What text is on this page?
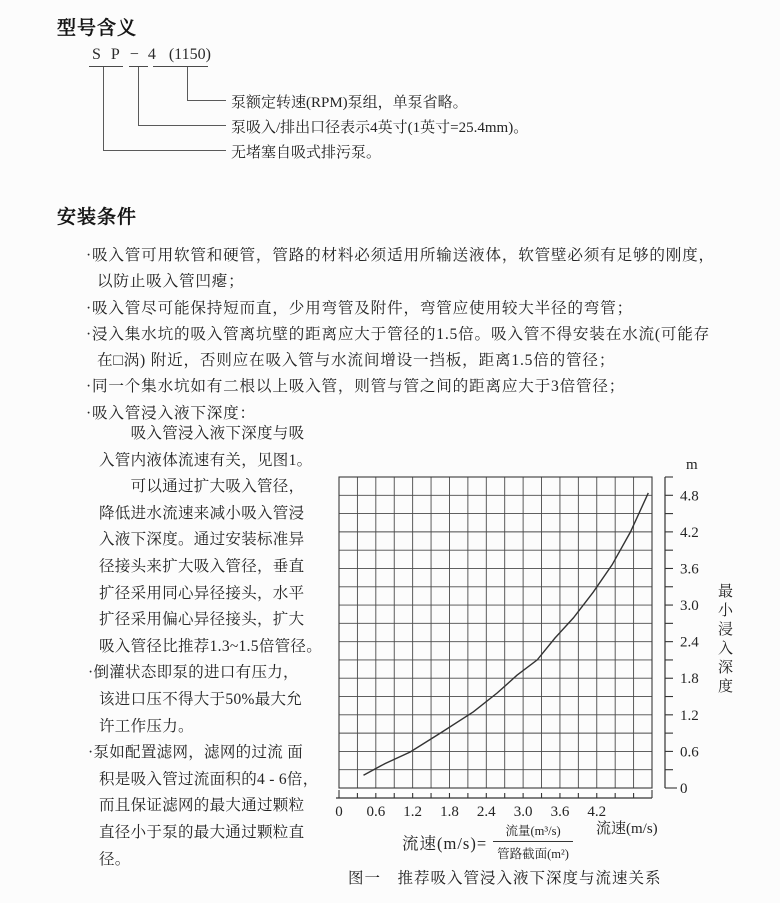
型号含义
S P − 4 (1150)
泵额定转速(RPM)泵组，单泵省略。
泵吸入/排出口径表示4英寸(1英寸=25.4mm)。
无堵塞自吸式排污泵。
安装条件
·吸入管可用软管和硬管，管路的材料必须适用所输送液体，软管壁必须有足够的刚度，
以防止吸入管凹瘪；
·吸入管尽可能保持短而直，少用弯管及附件，弯管应使用较大半径的弯管；
·浸入集水坑的吸入管离坑壁的距离应大于管径的1.5倍。吸入管不得安装在水流(可能存
在□涡) 附近，否则应在吸入管与水流间增设一挡板，距离1.5倍的管径；
·同一个集水坑如有二根以上吸入管，则管与管之间的距离应大于3倍管径；
·吸入管浸入液下深度：
　　吸入管浸入液下深度与吸
入管内液体流速有关，见图1。
　　可以通过扩大吸入管径，
降低进水流速来减小吸入管浸
入液下深度。通过安装标准异
径接头来扩大吸入管径，垂直
扩径采用同心异径接头，水平
扩径采用偏心异径接头，扩大
吸入管径比推荐1.3~1.5倍管径。
·倒灌状态即泵的进口有压力，
该进口压不得大于50%最大允
许工作压力。
·泵如配置滤网，滤网的过流 面
积是吸入管过流面积的4 - 6倍，
而且保证滤网的最大通过颗粒
直径小于泵的最大通过颗粒直
径。
0
0.6
1.2
1.8
2.4
3.0
3.6
4.2
4.8
m
0 0.6 1.2 1.8 2.4 3.0 3.6 4.2
最小浸入深度
流速(m/s)
流速$(m/s)= \frac{\text{流量(m³/s)}}{\text{管路截面(m²)}}$
图一　推荐吸入管浸入液下深度与流速关系
